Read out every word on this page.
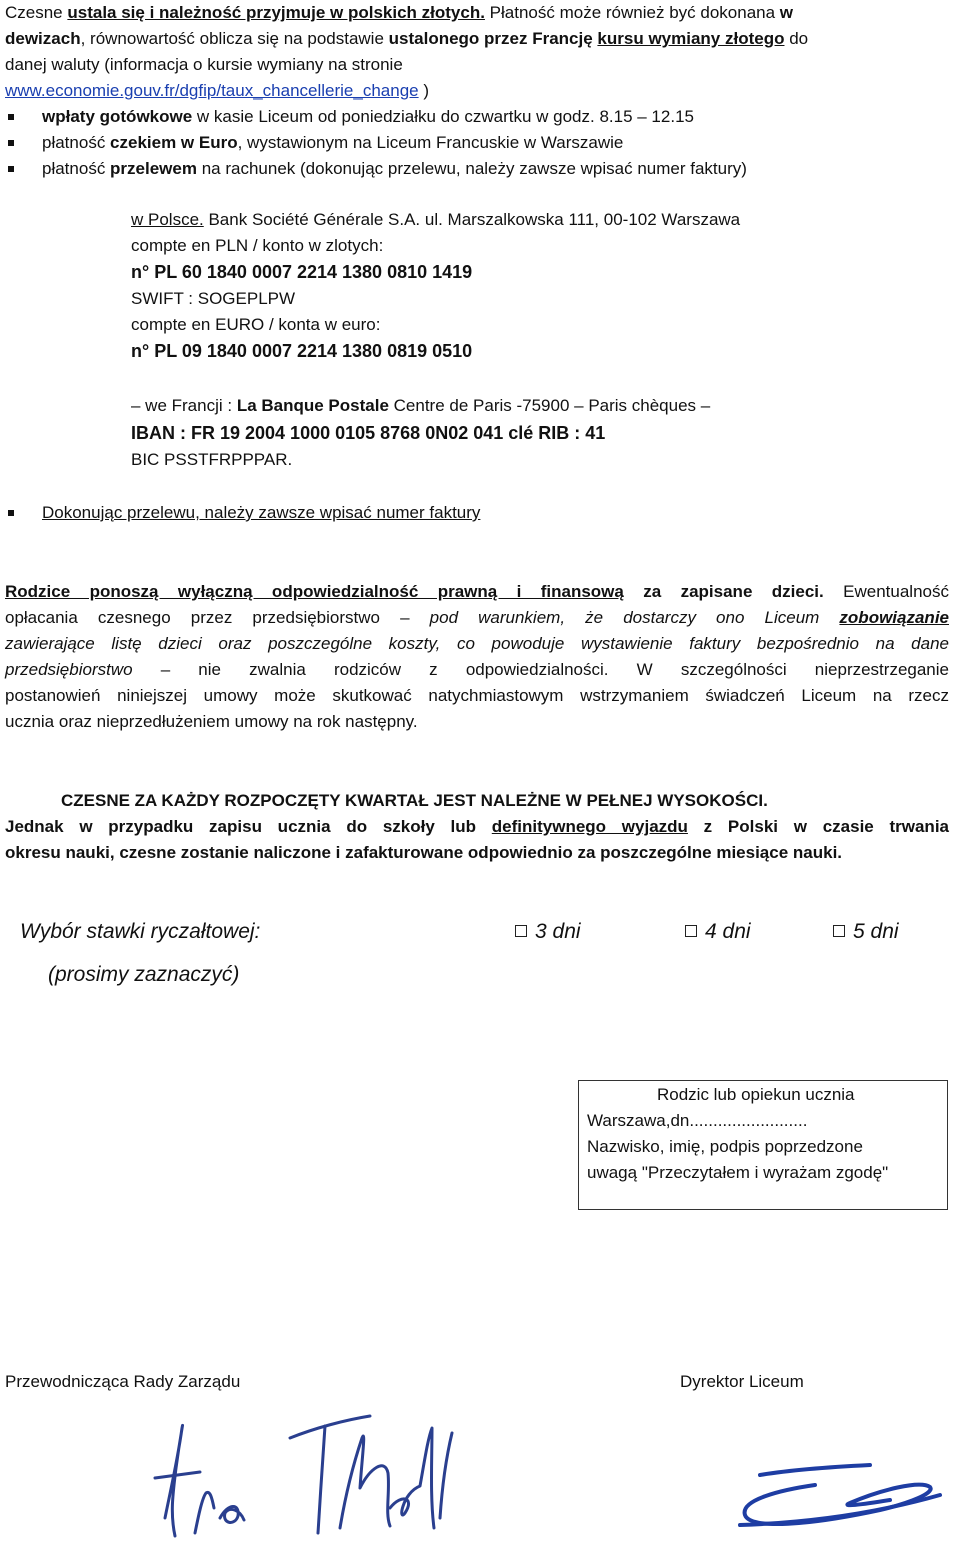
Czesne ustala się i należność przyjmuje w polskich złotych. Płatność może również być dokonana w
dewizach, równowartość oblicza się na podstawie ustalonego przez Francję kursu wymiany złotego do
danej waluty (informacja o kursie wymiany na stronie
www.economie.gouv.fr/dgfip/taux_chancellerie_change )
wpłaty gotówkowe w kasie Liceum od poniedziałku do czwartku w godz. 8.15 – 12.15
płatność czekiem w Euro, wystawionym na Liceum Francuskie w Warszawie
płatność przelewem na rachunek (dokonując przelewu, należy zawsze wpisać numer faktury)
w Polsce. Bank Société Générale S.A. ul. Marszalkowska 111, 00-102 Warszawa
compte en PLN / konto w zlotych:
n° PL 60 1840 0007 2214 1380 0810 1419
SWIFT : SOGEPLPW
compte en EURO / konta w euro:
n° PL 09 1840 0007 2214 1380 0819 0510
– we Francji : La Banque Postale Centre de Paris -75900 – Paris chèques –
IBAN : FR 19 2004 1000 0105 8768 0N02 041 clé RIB : 41
BIC PSSTFRPPPAR.
Dokonując przelewu, należy zawsze wpisać numer faktury
Rodzice ponoszą wyłączną odpowiedzialność prawną i finansową za zapisane dzieci. Ewentualność
opłacania czesnego przez przedsiębiorstwo – pod warunkiem, że dostarczy ono Liceum zobowiązanie
zawierające listę dzieci oraz poszczególne koszty, co powoduje wystawienie faktury bezpośrednio na dane
przedsiębiorstwo – nie zwalnia rodziców z odpowiedzialności. W szczególności nieprzestrzeganie
postanowień niniejszej umowy może skutkować natychmiastowym wstrzymaniem świadczeń Liceum na rzecz
ucznia oraz nieprzedłużeniem umowy na rok następny.
CZESNE ZA KAŻDY ROZPOCZĘTY KWARTAŁ JEST NALEŻNE W PEŁNEJ WYSOKOŚCI.
Jednak w przypadku zapisu ucznia do szkoły lub definitywnego wyjazdu z Polski w czasie trwania
okresu nauki, czesne zostanie naliczone i zafakturowane odpowiednio za poszczególne miesiące nauki.
Wybór stawki ryczałtowej:	3 dni	4 dni	5 dni
(prosimy zaznaczyć)
Rodzic lub opiekun ucznia
Warszawa,dn.........................
Nazwisko, imię, podpis poprzedzone
uwagą "Przeczytałem i wyrażam zgodę"
Przewodnicząca Rady Zarządu	Dyrektor Liceum
